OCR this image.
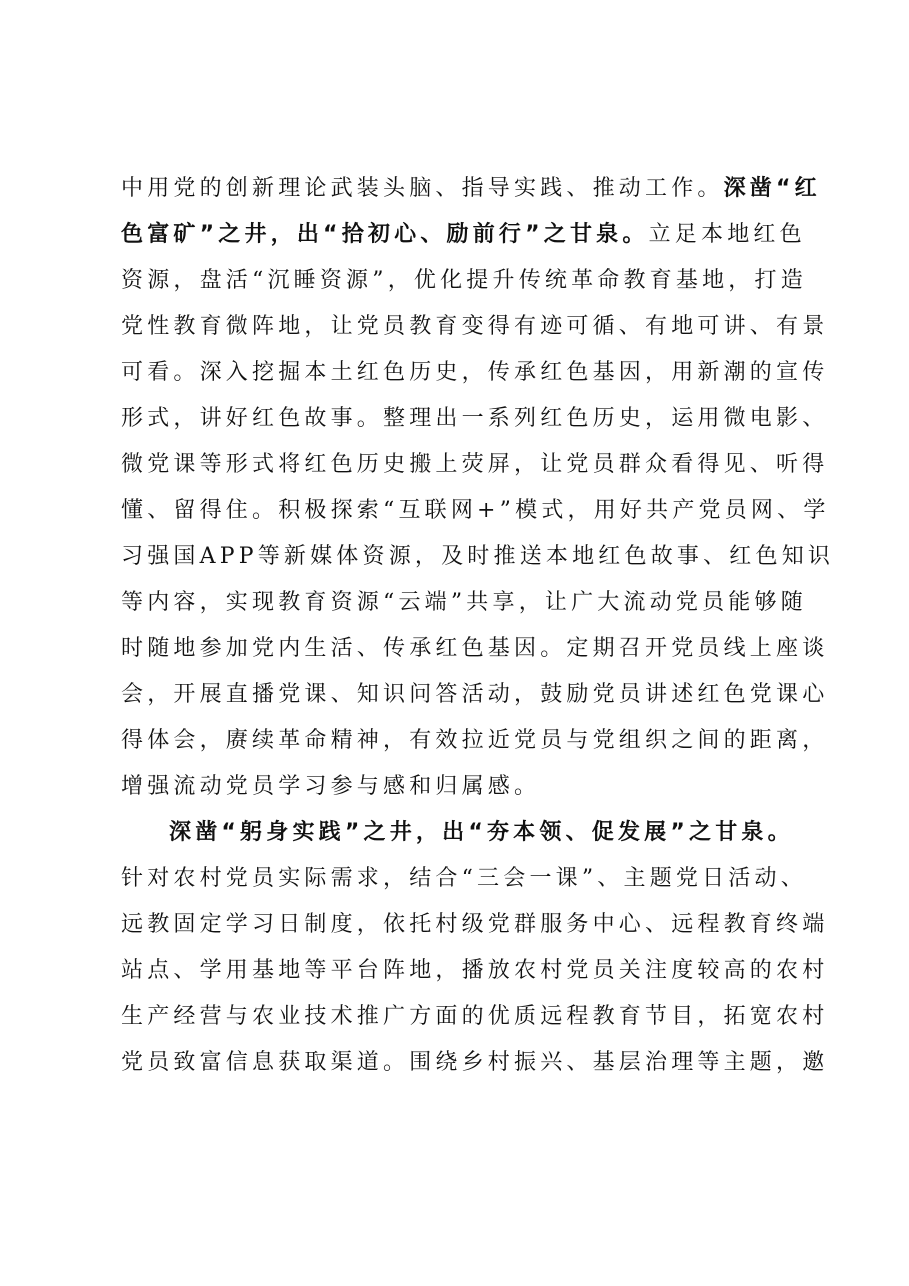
中用党的创新理论武装头脑、指导实践、推动工作。深凿“红
色富矿”之井，出“拾初心、励前行”之甘泉。立足本地红色
资源，盘活“沉睡资源”，优化提升传统革命教育基地，打造
党性教育微阵地，让党员教育变得有迹可循、有地可讲、有景
可看。深入挖掘本土红色历史，传承红色基因，用新潮的宣传
形式，讲好红色故事。整理出一系列红色历史，运用微电影、
微党课等形式将红色历史搬上荧屏，让党员群众看得见、听得
懂、留得住。积极探索“互联网+”模式，用好共产党员网、学
习强国APP等新媒体资源，及时推送本地红色故事、红色知识
等内容，实现教育资源“云端”共享，让广大流动党员能够随
时随地参加党内生活、传承红色基因。定期召开党员线上座谈
会，开展直播党课、知识问答活动，鼓励党员讲述红色党课心
得体会，赓续革命精神，有效拉近党员与党组织之间的距离，
增强流动党员学习参与感和归属感。
深凿“躬身实践”之井，出“夯本领、促发展”之甘泉。
针对农村党员实际需求，结合“三会一课”、主题党日活动、
远教固定学习日制度，依托村级党群服务中心、远程教育终端
站点、学用基地等平台阵地，播放农村党员关注度较高的农村
生产经营与农业技术推广方面的优质远程教育节目，拓宽农村
党员致富信息获取渠道。围绕乡村振兴、基层治理等主题，邀
